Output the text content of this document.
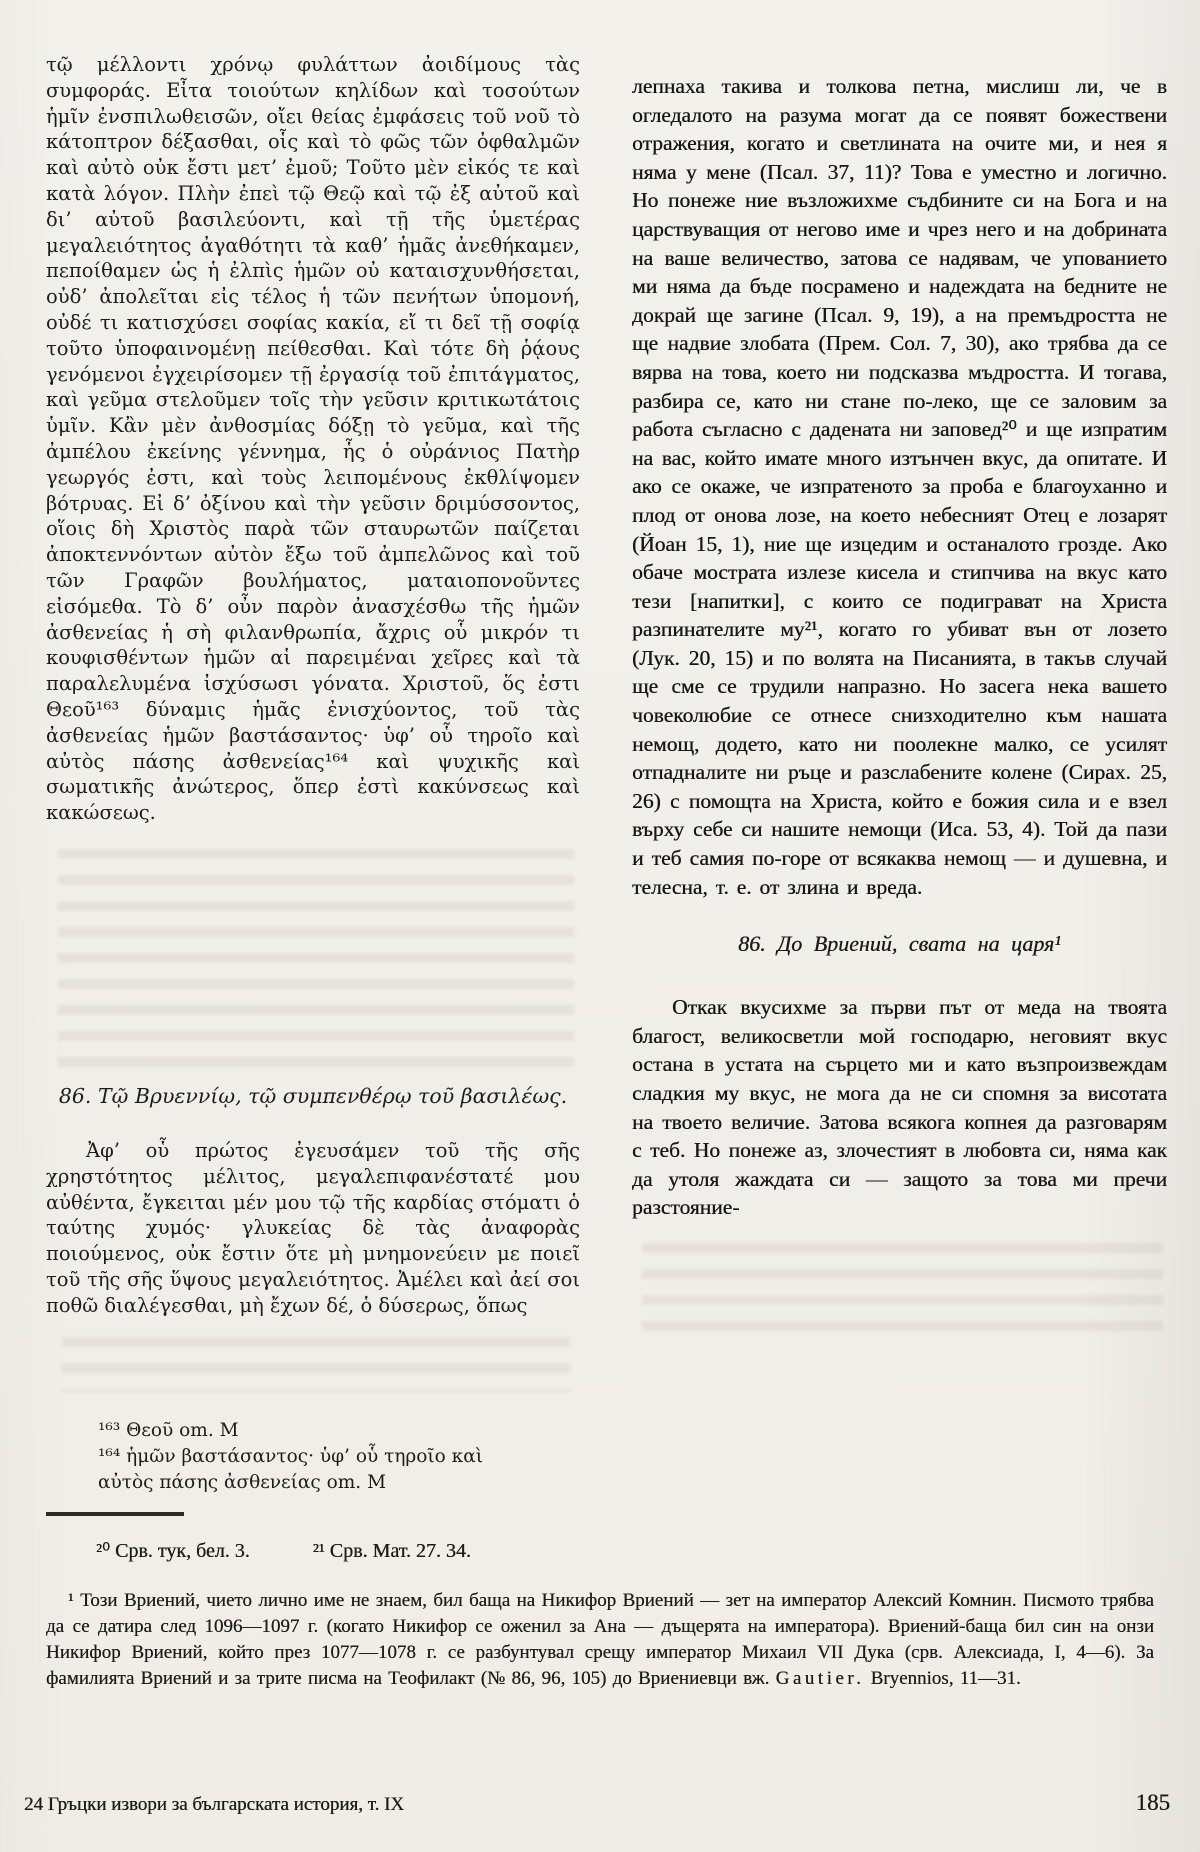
τῷ μέλλοντι χρόνῳ φυλάττων ἀοιδίμους τὰς συμφοράς. Εἶτα τοιούτων κηλίδων καὶ τοσούτων ἡμῖν ἐνσπιλωθεισῶν, οἴει θείας ἐμφάσεις τοῦ νοῦ τὸ κάτοπτρον δέξασθαι, οἷς καὶ τὸ φῶς τῶν ὀφθαλμῶν καὶ αὐτὸ οὐκ ἔστι μετ’ ἐμοῦ; Τοῦτο μὲν εἰκός τε καὶ κατὰ λόγον. Πλὴν ἐπεὶ τῷ Θεῷ καὶ τῷ ἐξ αὐτοῦ καὶ δι’ αὐτοῦ βασιλεύοντι, καὶ τῇ τῆς ὑμετέρας μεγαλειότητος ἀγαθότητι τὰ καθ’ ἡμᾶς ἀνεθήκαμεν, πεποίθαμεν ὡς ἡ ἐλπὶς ἡμῶν οὐ καταισχυνθήσεται, οὐδ’ ἀπολεῖται εἰς τέλος ἡ τῶν πενήτων ὑπομονή, οὐδέ τι κατισχύσει σοφίας κακία, εἴ τι δεῖ τῇ σοφίᾳ τοῦτο ὑποφαινομένῃ πείθεσθαι. Καὶ τότε δὴ ῥᾴους γενόμενοι ἐγχειρίσομεν τῇ ἐργασίᾳ τοῦ ἐπιτάγματος, καὶ γεῦμα στελοῦμεν τοῖς τὴν γεῦσιν κριτικωτάτοις ὑμῖν. Κἂν μὲν ἀνθοσμίας δόξῃ τὸ γεῦμα, καὶ τῆς ἀμπέλου ἐκείνης γέννημα, ἧς ὁ οὐράνιος Πατὴρ γεωργός ἐστι, καὶ τοὺς λειπομένους ἐκθλίψομεν βότρυας. Εἰ δ’ ὀξίνου καὶ τὴν γεῦσιν δριμύσσοντος, οἵοις δὴ Χριστὸς παρὰ τῶν σταυρωτῶν παίζεται ἀποκτεννόντων αὐτὸν ἔξω τοῦ ἀμπελῶνος καὶ τοῦ τῶν Γραφῶν βουλήματος, ματαιοπονοῦντες εἰσόμεθα. Τὸ δ’ οὖν παρὸν ἀνασχέσθω τῆς ἡμῶν ἀσθενείας ἡ σὴ φιλανθρωπία, ἄχρις οὗ μικρόν τι κουφισθέντων ἡμῶν αἱ παρειμέναι χεῖρες καὶ τὰ παραλελυμένα ἰσχύσωσι γόνατα. Χριστοῦ, ὅς ἐστι Θεοῦ¹⁶³ δύναμις ἡμᾶς ἐνισχύοντος, τοῦ τὰς ἀσθενείας ἡμῶν βαστάσαντος· ὑφ’ οὗ τηροῖο καὶ αὐτὸς πάσης ἀσθενείας¹⁶⁴ καὶ ψυχικῆς καὶ σωματικῆς ἀνώτερος, ὅπερ ἐστὶ κακύνσεως καὶ κακώσεως.

86. Τῷ Βρυεννίῳ, τῷ συμπενθέρῳ τοῦ βασιλέως.

Ἀφ’ οὗ πρώτος ἐγευσάμεν τοῦ τῆς σῆς χρηστότητος μέλιτος, μεγαλεπιφανέστατέ μου αὐθέντα, ἔγκειται μέν μου τῷ τῆς καρδίας στόματι ὁ ταύτης χυμός· γλυκείας δὲ τὰς ἀναφορὰς ποιούμενος, οὐκ ἔστιν ὅτε μὴ μνημονεύειν με ποιεῖ τοῦ τῆς σῆς ὕψους μεγαλειότητος. Ἀμέλει καὶ ἀεί σοι ποθῶ διαλέγεσθαι, μὴ ἔχων δέ, ὁ δύσερως, ὅπως

¹⁶³ Θεοῦ om. M

¹⁶⁴ ἡμῶν βαστάσαντος· ὑφ’ οὗ τηροῖο καὶ αὐτὸς πάσης ἀσθενείας om. M

²⁰ Срв. тук, бел. 3.	²¹ Срв. Мат. 27. 34.

лепнаха такива и толкова петна, мислиш ли, че в огледалото на разума могат да се появят божествени отражения, когато и светлината на очите ми, и нея я няма у мене (Псал. 37, 11)? Това е уместно и логично. Но понеже ние възложихме съдбините си на Бога и на царствуващия от негово име и чрез него и на добрината на ваше величество, затова се надявам, че упованието ми няма да бъде посрамено и надеждата на бедните не докрай ще загине (Псал. 9, 19), а на премъдростта не ще надвие злобата (Прем. Сол. 7, 30), ако трябва да се вярва на това, което ни подсказва мъдростта. И тогава, разбира се, като ни стане по-леко, ще се заловим за работа съгласно с дадената ни заповед²⁰ и ще изпратим на вас, който имате много изтънчен вкус, да опитате. И ако се окаже, че изпратеното за проба е благоуханно и плод от онова лозе, на което небесният Отец е лозарят (Йоан 15, 1), ние ще изцедим и останалото грозде. Ако обаче мострата излезе кисела и стипчива на вкус като тези [напитки], с които се подиграват на Христа разпинателите му²¹, когато го убиват вън от лозето (Лук. 20, 15) и по волята на Писанията, в такъв случай ще сме се трудили напразно. Но засега нека вашето човеколюбие се отнесе снизходително към нашата немощ, додето, като ни поолекне малко, се усилят отпадналите ни ръце и разслабените колене (Сирах. 25, 26) с помощта на Христа, който е божия сила и е взел върху себе си нашите немощи (Иса. 53, 4). Той да пази и теб самия по-горе от всякаква немощ — и душевна, и телесна, т. е. от злина и вреда.

86. До Вриений, свата на царя¹

Откак вкусихме за първи път от меда на твоята благост, великосветли мой господарю, неговият вкус остана в устата на сърцето ми и като възпроизвеждам сладкия му вкус, не мога да не си спомня за висотата на твоето величие. Затова всякога копнея да разговарям с теб. Но понеже аз, злочестият в любовта си, няма как да утоля жаждата си — защото за това ми пречи разстояние-

¹ Този Вриений, чието лично име не знаем, бил баща на Никифор Вриений — зет на император Алексий Комнин. Писмото трябва да се датира след 1096—1097 г. (когато Никифор се оженил за Ана — дъщерята на императора). Вриений-баща бил син на онзи Никифор Вриений, който през 1077—1078 г. се разбунтувал срещу император Михаил VII Дука (срв. Алексиада, I, 4—6). За фамилията Вриений и за трите писма на Теофилакт (№ 86, 96, 105) до Вриениевци вж. Gautier. Bryennios, 11—31.

24 Гръцки извори за българската история, т. IX	185
